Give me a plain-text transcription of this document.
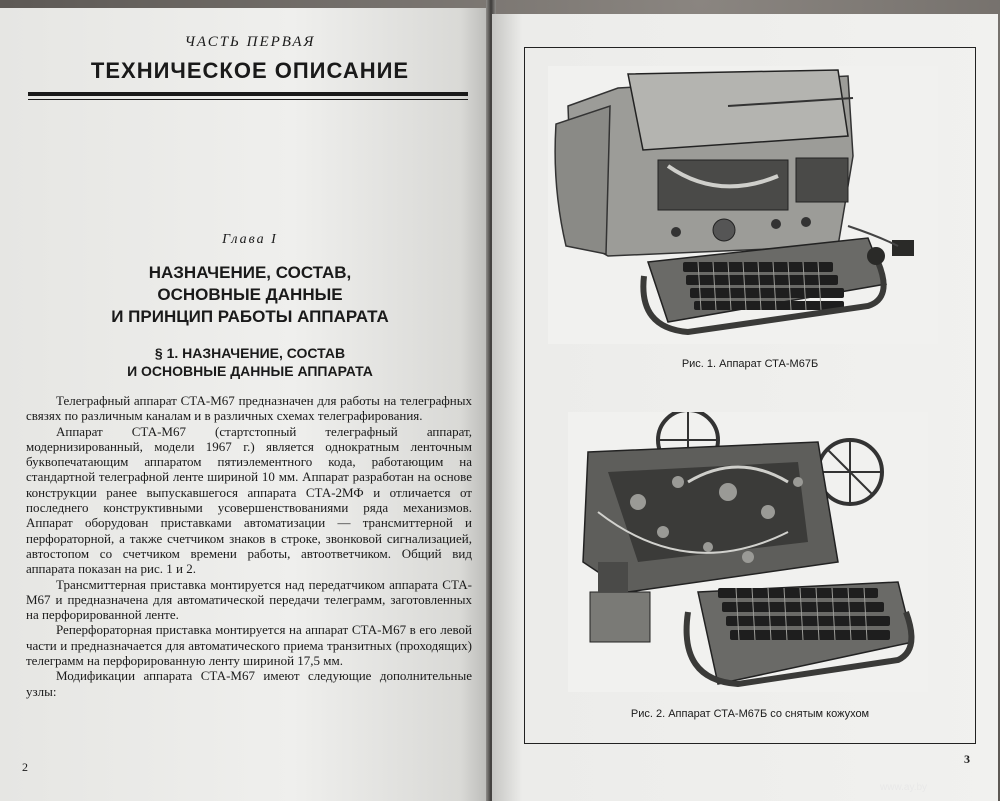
ЧАСТЬ ПЕРВАЯ
ТЕХНИЧЕСКОЕ ОПИСАНИЕ
Глава I
НАЗНАЧЕНИЕ, СОСТАВ,
ОСНОВНЫЕ ДАННЫЕ
И ПРИНЦИП РАБОТЫ АППАРАТА
§ 1. НАЗНАЧЕНИЕ, СОСТАВ
И ОСНОВНЫЕ ДАННЫЕ АППАРАТА

Телеграфный аппарат СТА-М67 предназначен для работы на телеграфных связях по различным каналам и в различных схемах телеграфирования.

Аппарат СТА-М67 (стартстопный телеграфный аппарат, модернизированный, модели 1967 г.) является однократным ленточным буквопечатающим аппаратом пятиэлементного кода, работающим на стандартной телеграфной ленте шириной 10 мм. Аппарат разработан на основе конструкции ранее выпускавшегося аппарата СТА-2МФ и отличается от последнего конструктивными усовершенствованиями ряда механизмов. Аппарат оборудован приставками автоматизации — трансмиттерной и перфораторной, а также счетчиком знаков в строке, звонковой сигнализацией, автостопом со счетчиком времени работы, автоответчиком. Общий вид аппарата показан на рис. 1 и 2.

Трансмиттерная приставка монтируется над передатчиком аппарата СТА-М67 и предназначена для автоматической передачи телеграмм, заготовленных на перфорированной ленте.

Реперфораторная приставка монтируется на аппарат СТА-М67 в его левой части и предназначается для автоматического приема транзитных (проходящих) телеграмм на перфорированную ленту шириной 17,5 мм.

Модификации аппарата СТА-М67 имеют следующие дополнительные узлы:

2
Рис. 1. Аппарат СТА-М67Б
Рис. 2. Аппарат СТА-М67Б со снятым кожухом
3
www.ay.by
